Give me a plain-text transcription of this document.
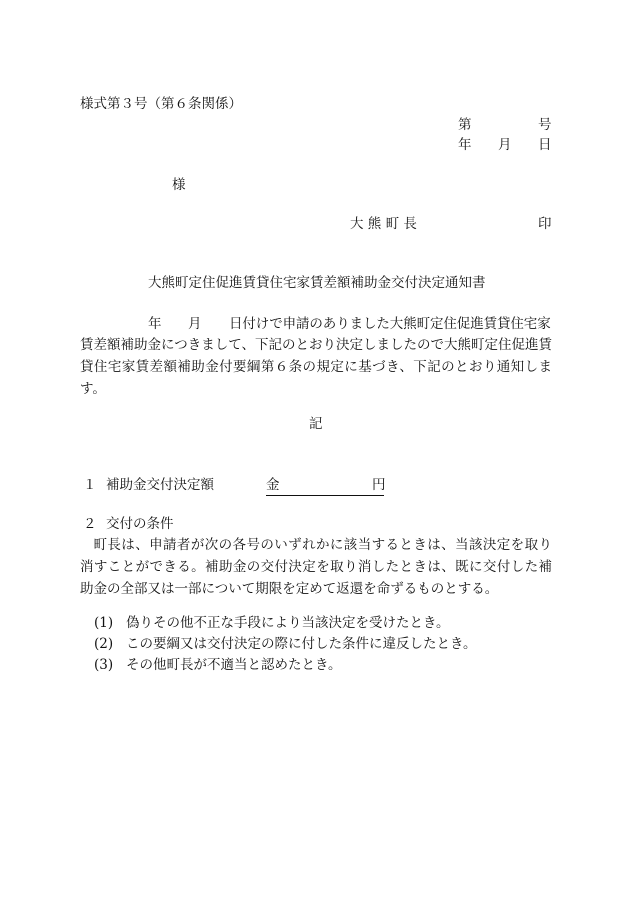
様式第３号（第６条関係）
第	号
年 月 日
様
大 熊 町 長	印
大熊町定住促進賃貸住宅家賃差額補助金交付決定通知書
年 月 日付けで申請のありました大熊町定住促進賃貸住宅家
賃差額補助金につきまして、下記のとおり決定しましたので大熊町定住促進賃貸住宅家賃差額補助金付要綱第６条の規定に基づき、下記のとおり通知します。
記
１ 補助金交付決定額	金	円
２ 交付の条件
町長は、申請者が次の各号のいずれかに該当するときは、当該決定を取り消すことができる。補助金の交付決定を取り消したときは、既に交付した補助金の全部又は一部について期限を定めて返還を命ずるものとする。
(1) 偽りその他不正な手段により当該決定を受けたとき。
(2) この要綱又は交付決定の際に付した条件に違反したとき。
(3) その他町長が不適当と認めたとき。
